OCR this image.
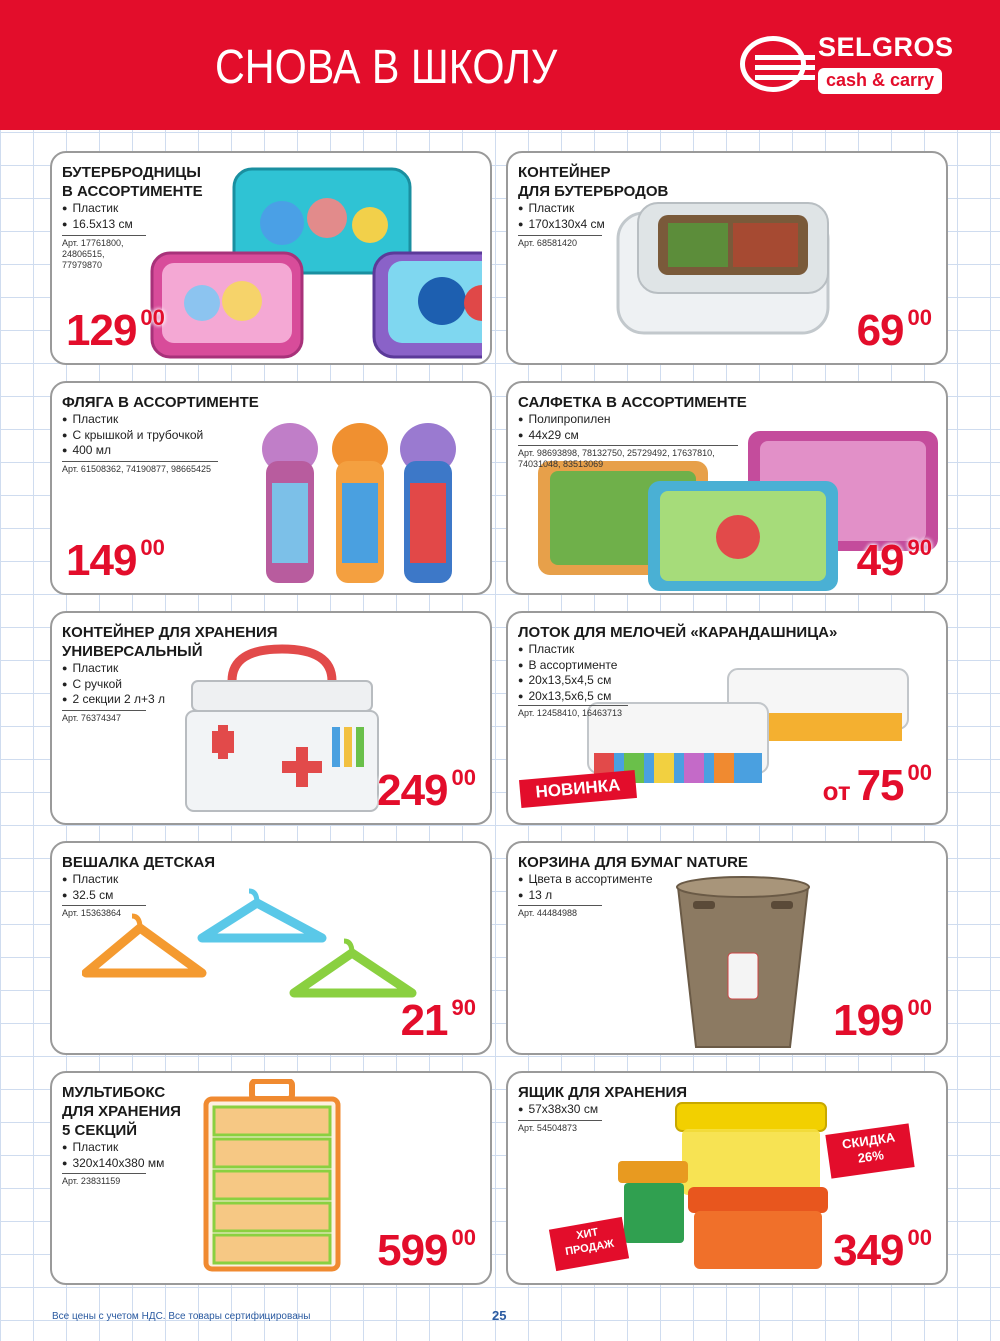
СНОВА В ШКОЛУ	SELGROS
cash & carry
БУТЕРБРОДНИЦЫ
В АССОРТИМЕНТЕ
● Пластик
● 16.5х13 см
Арт. 17761800,
24806515,
77979870
129 $^{00}$
КОНТЕЙНЕР
ДЛЯ БУТЕРБРОДОВ
● Пластик
● 170х130х4 см
Арт. 68581420
69 $^{00}$
ФЛЯГА В АССОРТИМЕНТЕ
● Пластик
● С крышкой и трубочкой
● 400 мл
Арт. 61508362, 74190877, 98665425
149 $^{00}$
САЛФЕТКА В АССОРТИМЕНТЕ
● Полипропилен
● 44х29 см
Арт. 98693898, 78132750, 25729492, 17637810,
74031048, 83513069
49 $^{90}$
КОНТЕЙНЕР ДЛЯ ХРАНЕНИЯ
УНИВЕРСАЛЬНЫЙ
● Пластик
● С ручкой
● 2 секции 2 л+3 л
Арт. 76374347
249 $^{00}$	НОВИНКА
ЛОТОК ДЛЯ МЕЛОЧЕЙ «КАРАНДАШНИЦА»
● Пластик
● В ассортименте
● 20х13,5х4,5 см
● 20х13,5х6,5 см
Арт. 12458410, 16463713
от 75 $^{00}$
ВЕШАЛКА ДЕТСКАЯ
● Пластик
● 32.5 см
Арт. 15363864
21 $^{90}$
КОРЗИНА ДЛЯ БУМАГ NATURE
● Цвета в ассортименте
● 13 л
Арт. 44484988
199 $^{00}$
МУЛЬТИБОКС
ДЛЯ ХРАНЕНИЯ
5 СЕКЦИЙ
● Пластик
● 320х140х380 мм
Арт. 23831159
599 $^{00}$
СКИДКА
26%
ХИТ
ПРОДАЖ
ЯЩИК ДЛЯ ХРАНЕНИЯ
● 57х38х30 см
Арт. 54504873
349 $^{00}$
Все цены с учетом НДС. Все товары сертифицированы	25
